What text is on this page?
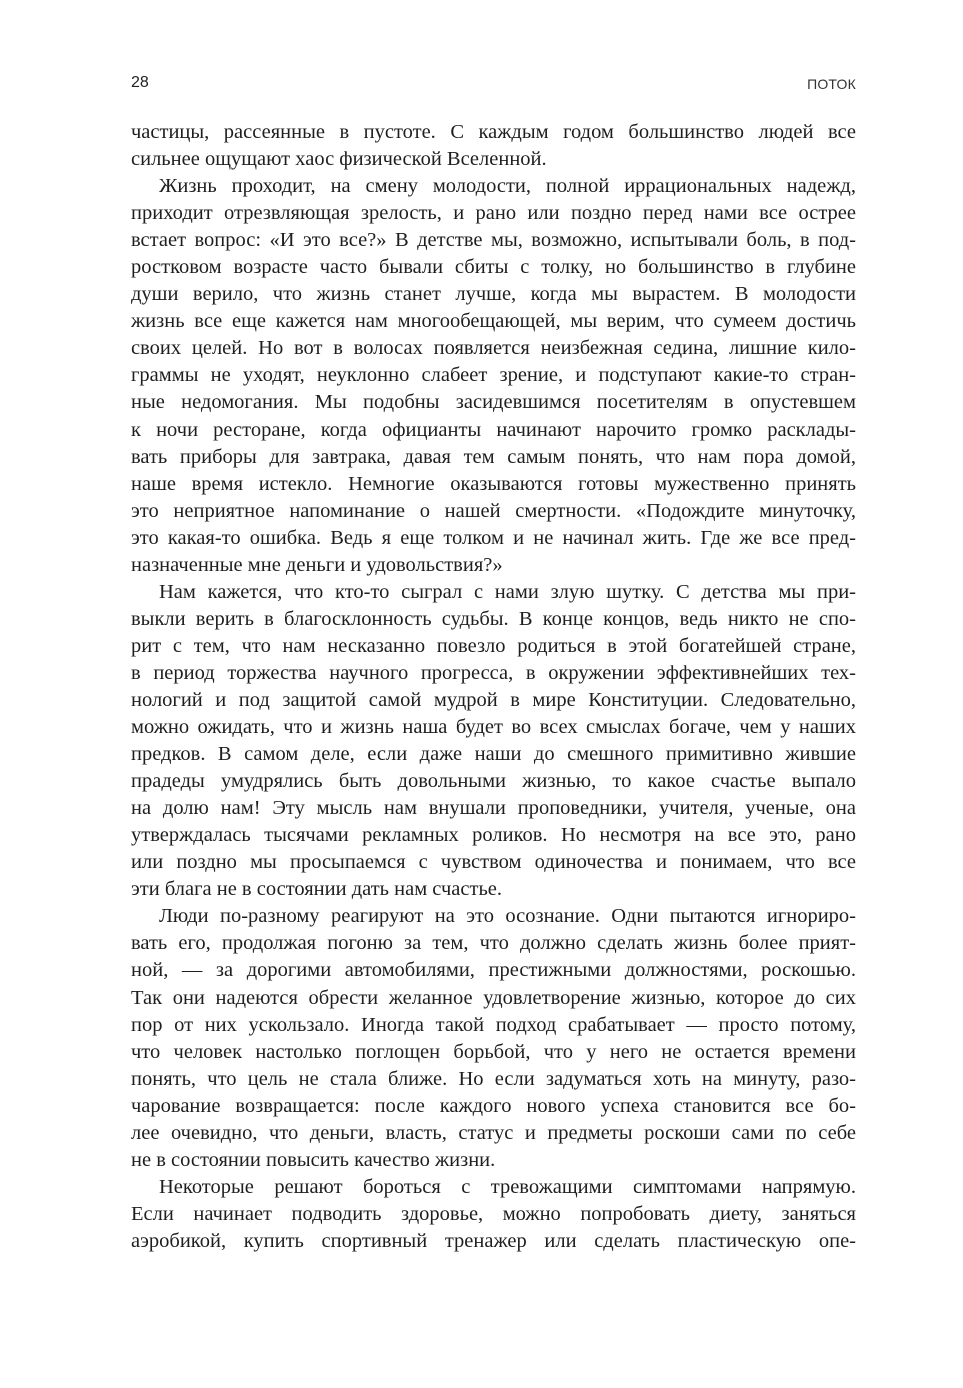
28	ПОТОК
частицы, рассеянные в пустоте. С каждым годом большинство людей все
сильнее ощущают хаос физической Вселенной.
Жизнь проходит, на смену молодости, полной иррациональных надежд,
приходит отрезвляющая зрелость, и рано или поздно перед нами все острее
встает вопрос: «И это все?» В детстве мы, возможно, испытывали боль, в под-
ростковом возрасте часто бывали сбиты с толку, но большинство в глубине
души верило, что жизнь станет лучше, когда мы вырастем. В молодости
жизнь все еще кажется нам многообещающей, мы верим, что сумеем достичь
своих целей. Но вот в волосах появляется неизбежная седина, лишние кило-
граммы не уходят, неуклонно слабеет зрение, и подступают какие-то стран-
ные недомогания. Мы подобны засидевшимся посетителям в опустевшем
к ночи ресторане, когда официанты начинают нарочито громко расклады-
вать приборы для завтрака, давая тем самым понять, что нам пора домой,
наше время истекло. Немногие оказываются готовы мужественно принять
это неприятное напоминание о нашей смертности. «Подождите минуточку,
это какая-то ошибка. Ведь я еще толком и не начинал жить. Где же все пред-
назначенные мне деньги и удовольствия?»
Нам кажется, что кто-то сыграл с нами злую шутку. С детства мы при-
выкли верить в благосклонность судьбы. В конце концов, ведь никто не спо-
рит с тем, что нам несказанно повезло родиться в этой богатейшей стране,
в период торжества научного прогресса, в окружении эффективнейших тех-
нологий и под защитой самой мудрой в мире Конституции. Следовательно,
можно ожидать, что и жизнь наша будет во всех смыслах богаче, чем у наших
предков. В самом деле, если даже наши до смешного примитивно жившие
прадеды умудрялись быть довольными жизнью, то какое счастье выпало
на долю нам! Эту мысль нам внушали проповедники, учителя, ученые, она
утверждалась тысячами рекламных роликов. Но несмотря на все это, рано
или поздно мы просыпаемся с чувством одиночества и понимаем, что все
эти блага не в состоянии дать нам счастье.
Люди по-разному реагируют на это осознание. Одни пытаются игнориро-
вать его, продолжая погоню за тем, что должно сделать жизнь более прият-
ной, — за дорогими автомобилями, престижными должностями, роскошью.
Так они надеются обрести желанное удовлетворение жизнью, которое до сих
пор от них ускользало. Иногда такой подход срабатывает — просто потому,
что человек настолько поглощен борьбой, что у него не остается времени
понять, что цель не стала ближе. Но если задуматься хоть на минуту, разо-
чарование возвращается: после каждого нового успеха становится все бо-
лее очевидно, что деньги, власть, статус и предметы роскоши сами по себе
не в состоянии повысить качество жизни.
Некоторые решают бороться с тревожащими симптомами напрямую.
Если начинает подводить здоровье, можно попробовать диету, заняться
аэробикой, купить спортивный тренажер или сделать пластическую опе-
